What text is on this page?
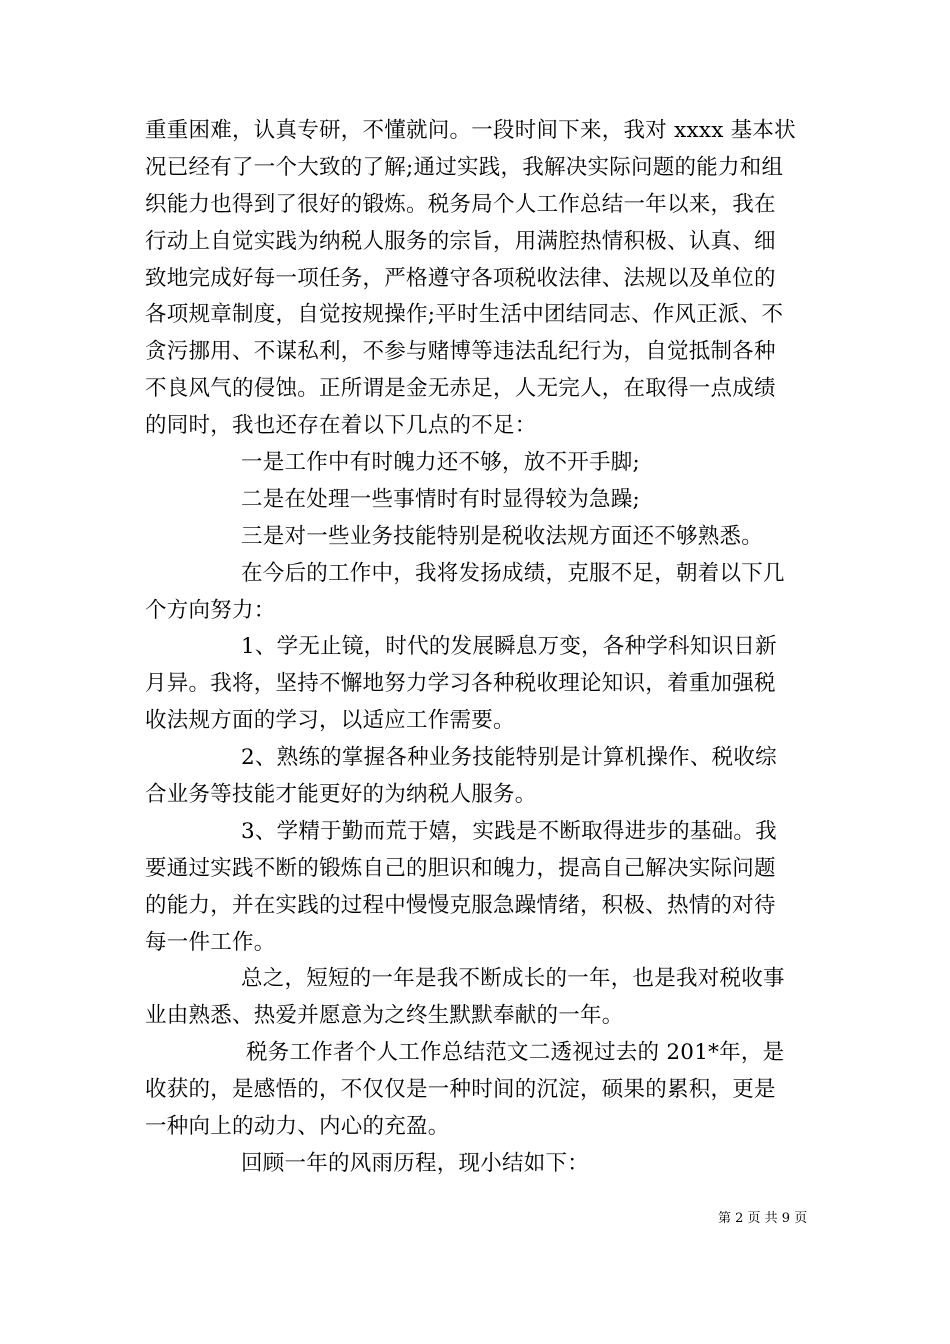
重重困难，认真专研，不懂就问。一段时间下来，我对 xxxx 基本状
况已经有了一个大致的了解;通过实践，我解决实际问题的能力和组
织能力也得到了很好的锻炼。税务局个人工作总结一年以来，我在
行动上自觉实践为纳税人服务的宗旨，用满腔热情积极、认真、细
致地完成好每一项任务，严格遵守各项税收法律、法规以及单位的
各项规章制度，自觉按规操作;平时生活中团结同志、作风正派、不
贪污挪用、不谋私利，不参与赌博等违法乱纪行为，自觉抵制各种
不良风气的侵蚀。正所谓是金无赤足，人无完人，在取得一点成绩
的同时，我也还存在着以下几点的不足：
一是工作中有时魄力还不够，放不开手脚;
二是在处理一些事情时有时显得较为急躁;
三是对一些业务技能特别是税收法规方面还不够熟悉。
在今后的工作中，我将发扬成绩，克服不足，朝着以下几
个方向努力：
1、学无止镜，时代的发展瞬息万变，各种学科知识日新
月异。我将，坚持不懈地努力学习各种税收理论知识，着重加强税
收法规方面的学习，以适应工作需要。
2、熟练的掌握各种业务技能特别是计算机操作、税收综
合业务等技能才能更好的为纳税人服务。
3、学精于勤而荒于嬉，实践是不断取得进步的基础。我
要通过实践不断的锻炼自己的胆识和魄力，提高自己解决实际问题
的能力，并在实践的过程中慢慢克服急躁情绪，积极、热情的对待
每一件工作。
总之，短短的一年是我不断成长的一年，也是我对税收事
业由熟悉、热爱并愿意为之终生默默奉献的一年。
税务工作者个人工作总结范文二透视过去的 201*年，是
收获的，是感悟的，不仅仅是一种时间的沉淀，硕果的累积，更是
一种向上的动力、内心的充盈。
回顾一年的风雨历程，现小结如下：
第 2 页 共 9 页
